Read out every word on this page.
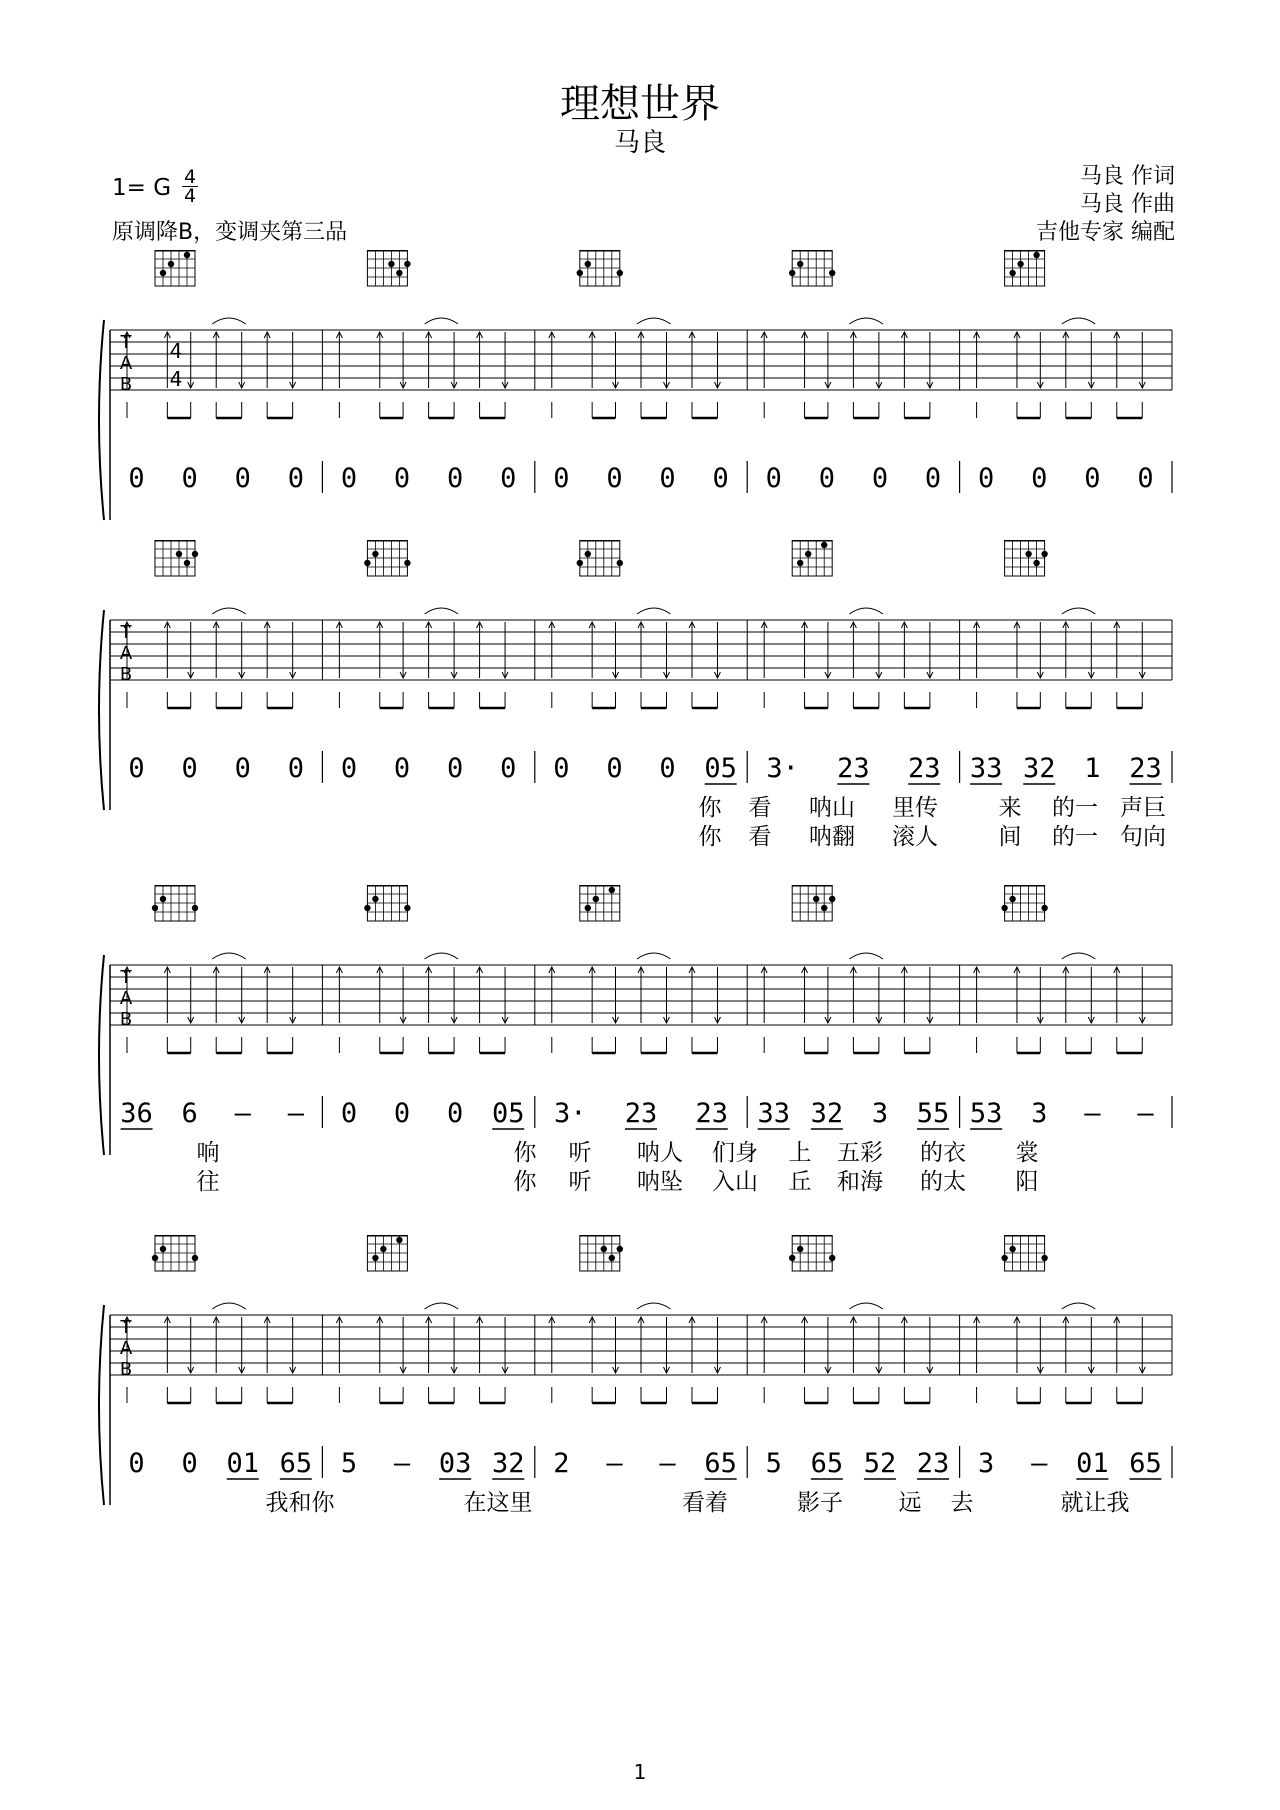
理想世界
马良
1= G 4
4
原调降B，变调夹第三品
马良 作词
马良 作曲
吉他专家 编配
T
A
B
4
4
0 0 0 0 0 0 0 0 0 0 0 0 0 0 0 0 0 0 0 0
T
A
B
0 0 0 0 0 0 0 0 0 0 0 05 3· 23 23 33 32 1 23
你 看 呐山 里传	来 的一 声巨
你 看 呐翻 滚人	间 的一 句向
T
A
B
36 6 — — 0 0 0 05 3· 23 23 33 32 3 55 53 3 — —
响	你 听 呐人 们身 上 五彩 的衣 裳
往	你 听 呐坠 入山 丘 和海 的太 阳
T
A
B
0 0 01 65 5 — 03 32 2 — — 65 5 65 52 23 3 — 01 65
我和你	在这里	看着	影子 远 去	就让我
1
